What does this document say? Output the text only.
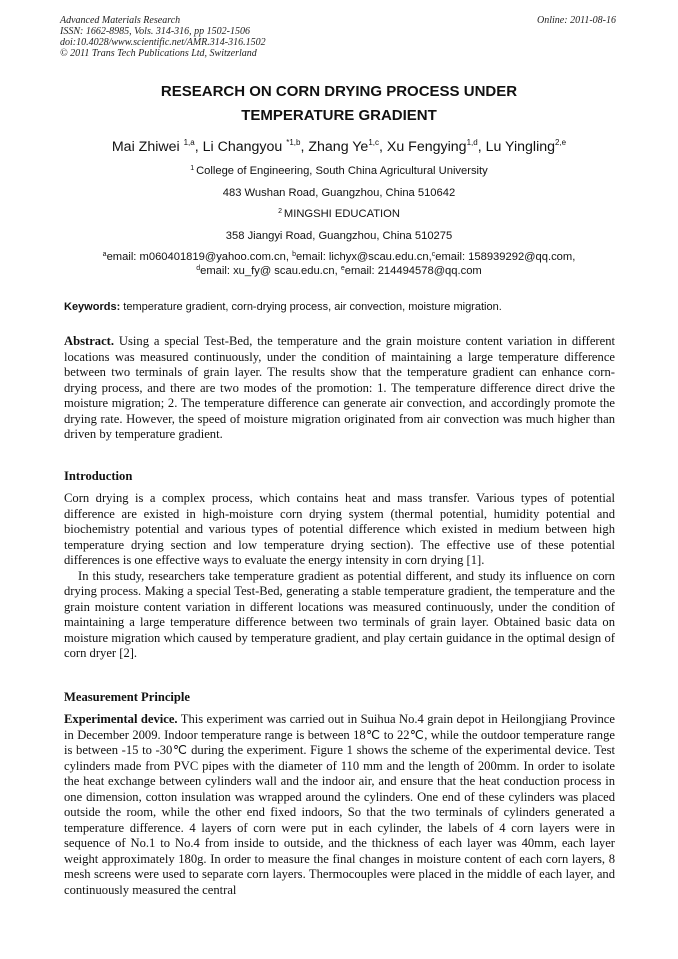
Advanced Materials Research
ISSN: 1662-8985, Vols. 314-316, pp 1502-1506
doi:10.4028/www.scientific.net/AMR.314-316.1502
© 2011 Trans Tech Publications Ltd, Switzerland
Online: 2011-08-16
RESEARCH ON CORN DRYING PROCESS UNDER
TEMPERATURE GRADIENT
Mai Zhiwei $^{1,a}$, Li Changyou $^{*1,b}$, Zhang Ye$^{1,c}$, Xu Fengying$^{1,d}$, Lu Yingling$^{2,e}$
$^1$ College of Engineering, South China Agricultural University
483 Wushan Road, Guangzhou, China 510642
$^2$ MINGSHI EDUCATION
358 Jiangyi Road, Guangzhou, China 510275
$^a$email: m060401819@yahoo.com.cn, $^b$email: lichyx@scau.edu.cn,$^c$email: 158939292@qq.com,
$^d$email: xu_fy@ scau.edu.cn, $^e$email: 214494578@qq.com
Keywords: temperature gradient, corn-drying process, air convection, moisture migration.

Abstract. Using a special Test-Bed, the temperature and the grain moisture content variation in different locations was measured continuously, under the condition of maintaining a large temperature difference between two terminals of grain layer. The results show that the temperature gradient can enhance corn-drying process, and there are two modes of the promotion: 1. The temperature difference direct drive the moisture migration; 2. The temperature difference can generate air convection, and accordingly promote the drying rate. However, the speed of moisture migration originated from air convection was much higher than driven by temperature gradient.

Introduction

Corn drying is a complex process, which contains heat and mass transfer. Various types of potential difference are existed in high-moisture corn drying system (thermal potential, humidity potential and biochemistry potential and various types of potential difference which existed in medium between high temperature drying section and low temperature drying section). The effective use of these potential differences is one effective ways to evaluate the energy intensity in corn drying [1].

In this study, researchers take temperature gradient as potential different, and study its influence on corn drying process. Making a special Test-Bed, generating a stable temperature gradient, the temperature and the grain moisture content variation in different locations was measured continuously, under the condition of maintaining a large temperature difference between two terminals of grain layer. Obtained basic data on moisture migration which caused by temperature gradient, and play certain guidance in the optimal design of corn dryer [2].

Measurement Principle

Experimental device. This experiment was carried out in Suihua No.4 grain depot in Heilongjiang Province in December 2009. Indoor temperature range is between 18℃ to 22℃, while the outdoor temperature range is between -15 to -30℃ during the experiment. Figure 1 shows the scheme of the experimental device. Test cylinders made from PVC pipes with the diameter of 110 mm and the length of 200mm. In order to isolate the heat exchange between cylinders wall and the indoor air, and ensure that the heat conduction process in one dimension, cotton insulation was wrapped around the cylinders. One end of these cylinders was placed outside the room, while the other end fixed indoors, So that the two terminals of cylinders generated a temperature difference. 4 layers of corn were put in each cylinder, the labels of 4 corn layers were in sequence of No.1 to No.4 from inside to outside, and the thickness of each layer was 40mm, each layer weight approximately 180g. In order to measure the final changes in moisture content of each corn layers, 8 mesh screens were used to separate corn layers. Thermocouples were placed in the middle of each layer, and continuously measured the central
